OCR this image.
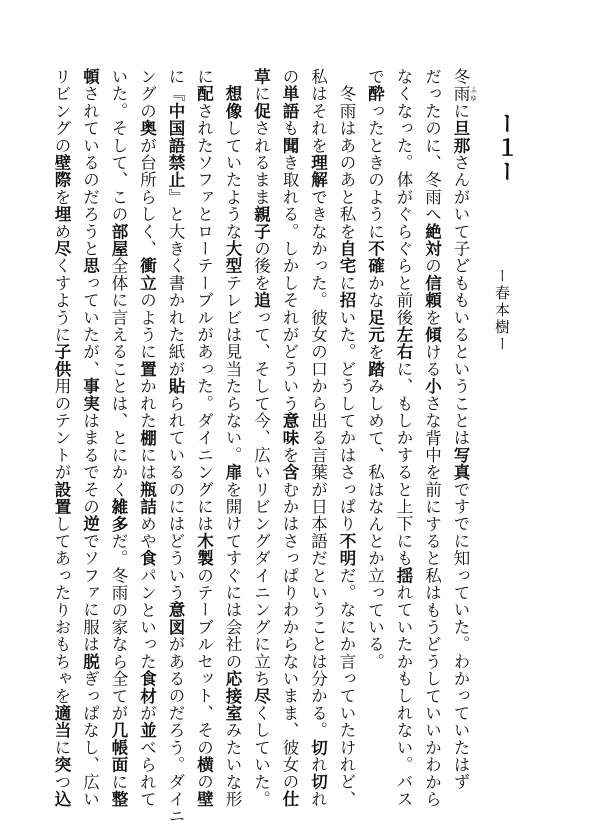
ー１ー
ー春本樹ー
冬雨 ふゆに旦那さんがいて子どももいるということは写真ですでに知っていた。わかっていたはず
だったのに、冬雨へ絶対の信頼を傾ける小さな背中を前にすると私はもうどうしていいかわから
なくなった。体がぐらぐらと前後左右に、もしかすると上下にも揺れていたかもしれない。バス
で酔ったときのように不確かな足元を踏みしめて、私はなんとか立っている。
　冬雨はあのあと私を自宅に招いた。どうしてかはさっぱり不明だ。なにか言っていたけれど、
私はそれを理解できなかった。彼女の口から出る言葉が日本語だということは分かる。切れ切れ
の単語も聞き取れる。しかしそれがどういう意味を含むかはさっぱりわからないまま、彼女の仕
草に促されるまま親子の後を追って、そして今、広いリビングダイニングに立ち尽くしていた。
　想像していたような大型テレビは見当たらない。扉を開けてすぐには会社の応接室みたいな形
に配されたソファとローテーブルがあった。ダイニングには木製のテーブルセット、その横の壁
に『中国語禁止』と大きく書かれた紙が貼られているのにはどういう意図があるのだろう。ダイニ
ングの奥が台所らしく、衝立のように置かれた棚には瓶詰めや食パンといった食材が並べられて
いた。そして、この部屋全体に言えることは、とにかく雑多だ。冬雨の家なら全てが几帳面に整
頓されているのだろうと思っていたが、事実はまるでその逆でソファに服は脱ぎっぱなし、広い
リビングの壁際を埋め尽くすように子供用のテントが設置してあったりおもちゃを適当に突つ込
